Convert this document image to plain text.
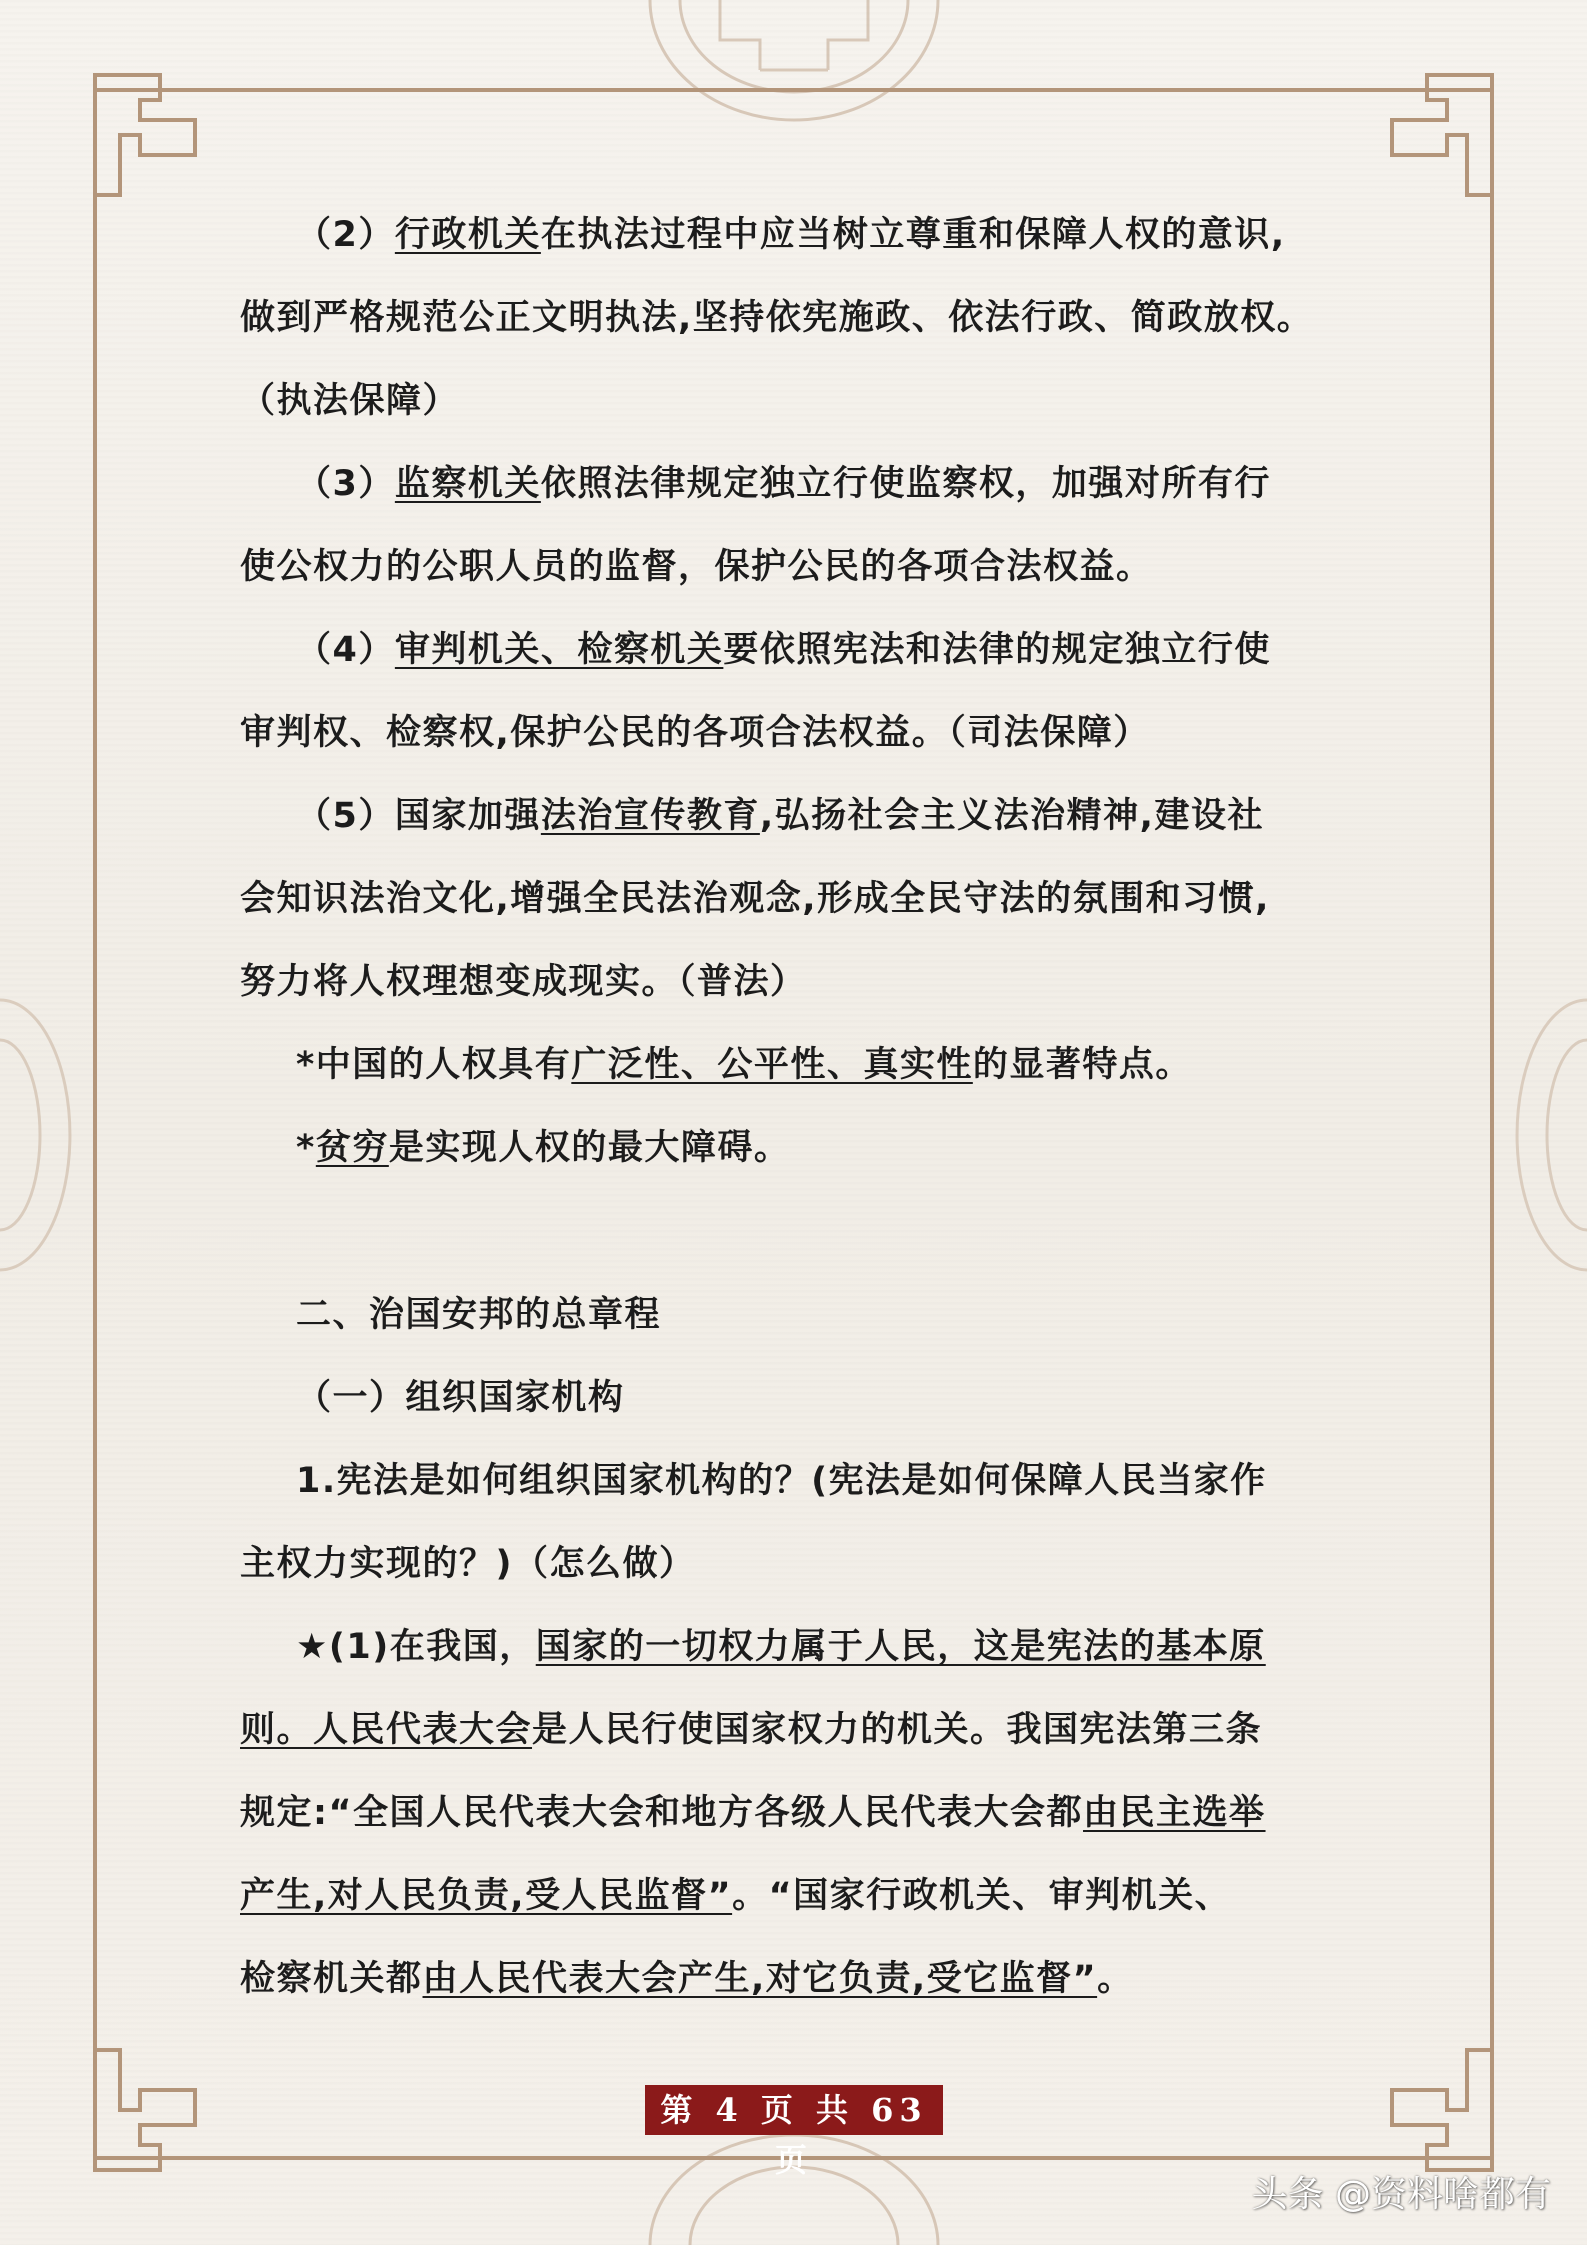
（2）行政机关在执法过程中应当树立尊重和保障人权的意识,
做到严格规范公正文明执法,坚持依宪施政、依法行政、简政放权。
（执法保障）
（3）监察机关依照法律规定独立行使监察权，加强对所有行
使公权力的公职人员的监督，保护公民的各项合法权益。
（4）审判机关、检察机关要依照宪法和法律的规定独立行使
审判权、检察权,保护公民的各项合法权益。（司法保障）
（5）国家加强法治宣传教育,弘扬社会主义法治精神,建设社
会知识法治文化,增强全民法治观念,形成全民守法的氛围和习惯,
努力将人权理想变成现实。（普法）
*中国的人权具有广泛性、公平性、真实性的显著特点。
*贫穷是实现人权的最大障碍。
二、治国安邦的总章程
（一）组织国家机构
1.宪法是如何组织国家机构的？(宪法是如何保障人民当家作
主权力实现的？)（怎么做）
★(1)在我国，国家的一切权力属于人民，这是宪法的基本原
则。人民代表大会是人民行使国家权力的机关。我国宪法第三条
规定:“全国人民代表大会和地方各级人民代表大会都由民主选举
产生,对人民负责,受人民监督”。“国家行政机关、审判机关、
检察机关都由人民代表大会产生,对它负责,受它监督”。
第 4 页 共 63 页
头条 @资料啥都有
